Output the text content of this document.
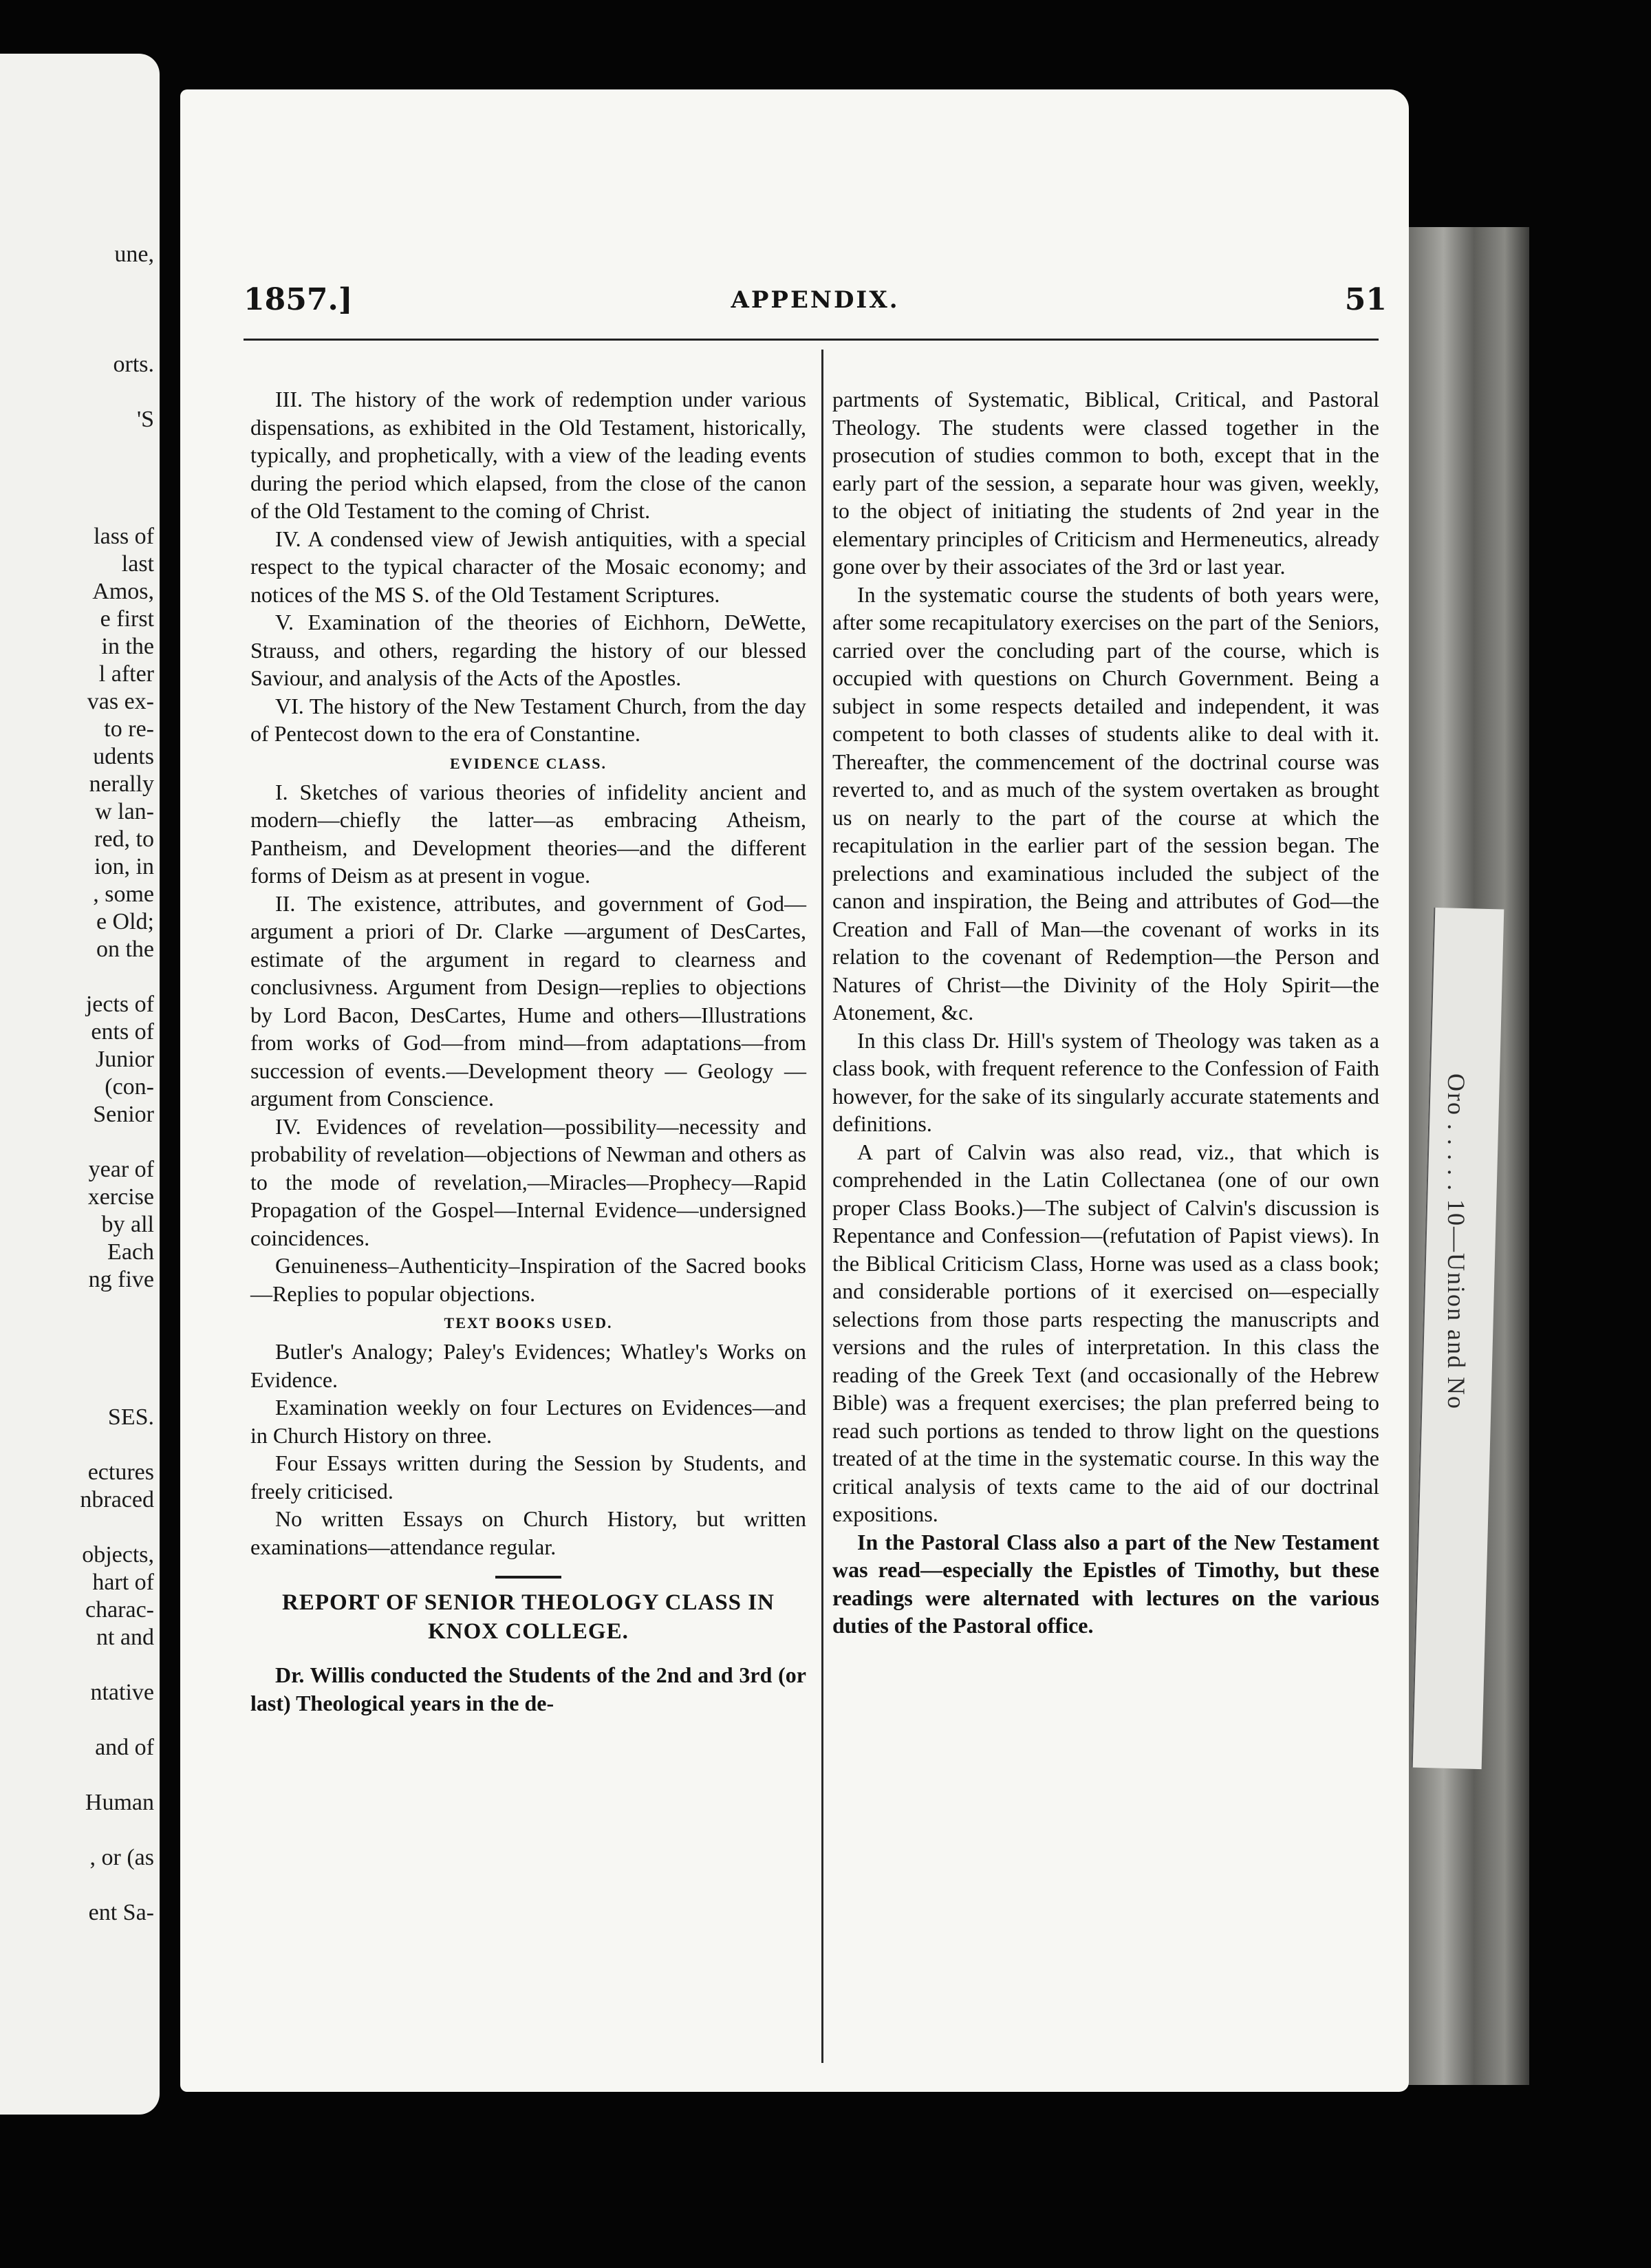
une,
orts.
'S
lass of
last
Amos,
e first
in the
l after
vas ex-
to re-
udents
nerally
w lan-
red, to
ion, in
, some
e Old;
on the
jects of
ents of
Junior
(con-
Senior
year of
xercise
by all
Each
ng five
SES.
ectures
nbraced
objects,
hart of
charac-
nt and
ntative
and of
Human
, or (as
ent Sa-
Oro . . . . . 10—Union and No
1857.]	APPENDIX.	51

III. The history of the work of redemption under various dispensations, as exhibited in the Old Testament, historically, typically, and prophetically, with a view of the leading events during the period which elapsed, from the close of the canon of the Old Testament to the coming of Christ.

IV. A condensed view of Jewish antiquities, with a special respect to the typical character of the Mosaic economy; and notices of the MS S. of the Old Testament Scriptures.

V. Examination of the theories of Eichhorn, DeWette, Strauss, and others, regarding the history of our blessed Saviour, and analysis of the Acts of the Apostles.

VI. The history of the New Testament Church, from the day of Pentecost down to the era of Constantine.

EVIDENCE CLASS.

I. Sketches of various theories of infidelity ancient and modern—chiefly the latter—as embracing Atheism, Pantheism, and Development theories—and the different forms of Deism as at present in vogue.

II. The existence, attributes, and government of God—argument a priori of Dr. Clarke —argument of DesCartes, estimate of the argument in regard to clearness and conclusivness. Argument from Design—replies to objections by Lord Bacon, DesCartes, Hume and others—Illustrations from works of God—from mind—from adaptations—from succession of events.—Development theory — Geology — argument from Conscience.

IV. Evidences of revelation—possibility—necessity and probability of revelation—objections of Newman and others as to the mode of revelation,—Miracles—Prophecy—Rapid Propagation of the Gospel—Internal Evidence—undersigned coincidences.

Genuineness–Authenticity–Inspiration of the Sacred books—Replies to popular objections.

TEXT BOOKS USED.

Butler's Analogy; Paley's Evidences; Whatley's Works on Evidence.

Examination weekly on four Lectures on Evidences—and in Church History on three.

Four Essays written during the Session by Students, and freely criticised.

No written Essays on Church History, but written examinations—attendance regular.

REPORT OF SENIOR THEOLOGY CLASS IN KNOX COLLEGE.

Dr. Willis conducted the Students of the 2nd and 3rd (or last) Theological years in the de-

partments of Systematic, Biblical, Critical, and Pastoral Theology. The students were classed together in the prosecution of studies common to both, except that in the early part of the session, a separate hour was given, weekly, to the object of initiating the students of 2nd year in the elementary principles of Criticism and Hermeneutics, already gone over by their associates of the 3rd or last year.

In the systematic course the students of both years were, after some recapitulatory exercises on the part of the Seniors, carried over the concluding part of the course, which is occupied with questions on Church Government. Being a subject in some respects detailed and independent, it was competent to both classes of students alike to deal with it. Thereafter, the commencement of the doctrinal course was reverted to, and as much of the system overtaken as brought us on nearly to the part of the course at which the recapitulation in the earlier part of the session began. The prelections and examinatious included the subject of the canon and inspiration, the Being and attributes of God—the Creation and Fall of Man—the covenant of works in its relation to the covenant of Redemption—the Person and Natures of Christ—the Divinity of the Holy Spirit—the Atonement, &c.

In this class Dr. Hill's system of Theology was taken as a class book, with frequent reference to the Confession of Faith however, for the sake of its singularly accurate statements and definitions.

A part of Calvin was also read, viz., that which is comprehended in the Latin Collectanea (one of our own proper Class Books.)—The subject of Calvin's discussion is Repentance and Confession—(refutation of Papist views). In the Biblical Criticism Class, Horne was used as a class book; and considerable portions of it exercised on—especially selections from those parts respecting the manuscripts and versions and the rules of interpretation. In this class the reading of the Greek Text (and occasionally of the Hebrew Bible) was a frequent exercises; the plan preferred being to read such portions as tended to throw light on the questions treated of at the time in the systematic course. In this way the critical analysis of texts came to the aid of our doctrinal expositions.

In the Pastoral Class also a part of the New Testament was read—especially the Epistles of Timothy, but these readings were alternated with lectures on the various duties of the Pastoral office.
